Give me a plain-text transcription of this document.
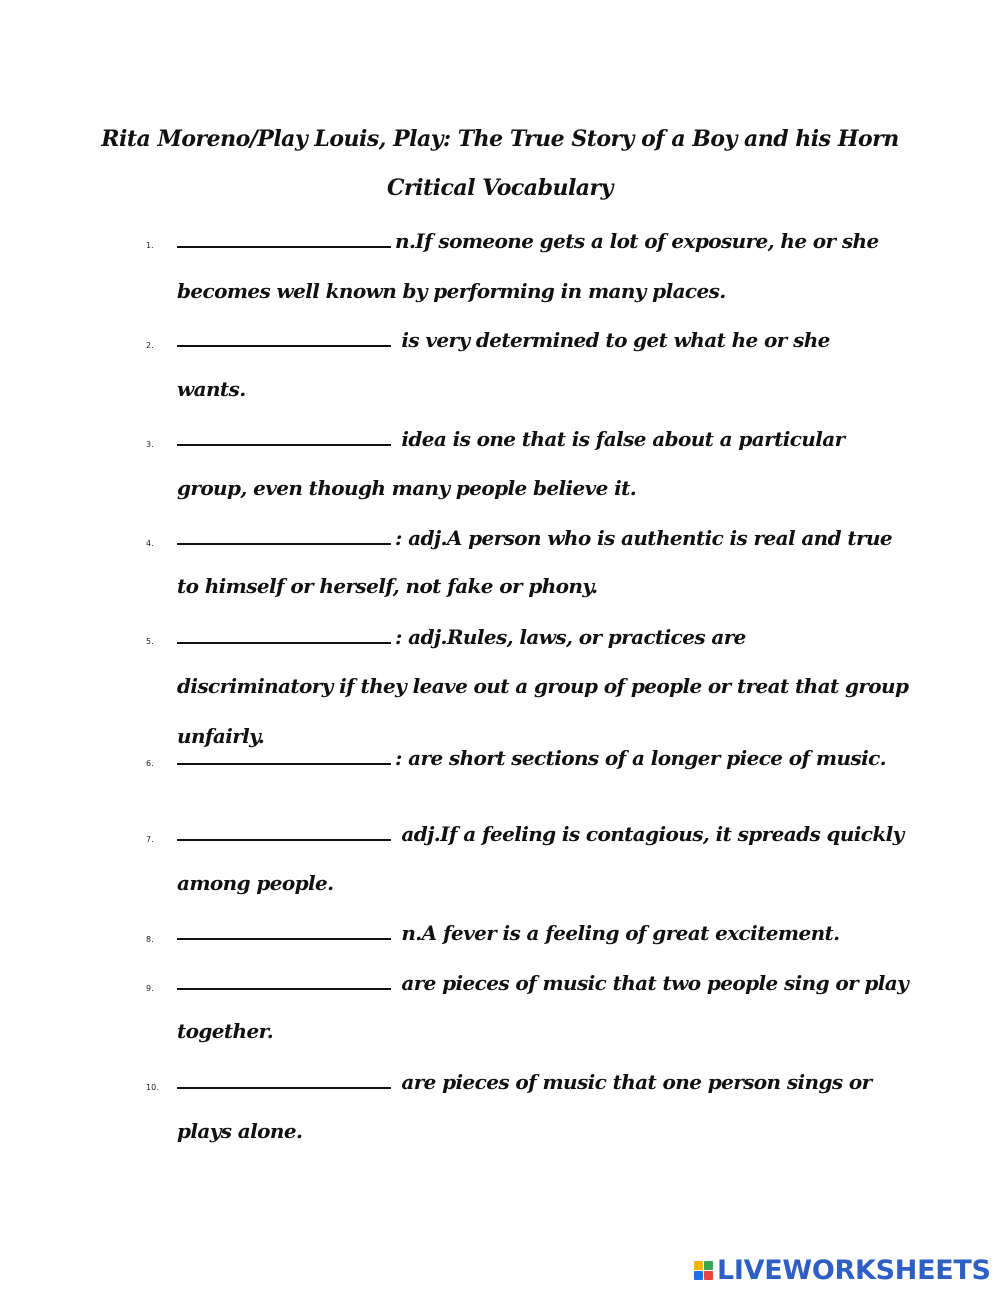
Rita Moreno/Play Louis, Play: The True Story of a Boy and his Horn
Critical Vocabulary
1.	n.If someone gets a lot of exposure, he or she
becomes well known by performing in many places.
2.	is very determined to get what he or she
wants.
3.	idea is one that is false about a particular
group, even though many people believe it.
4.	: adj.A person who is authentic is real and true
to himself or herself, not fake or phony.
5.	: adj.Rules, laws, or practices are
discriminatory if they leave out a group of people or treat that group
unfairly.
6.	: are short sections of a longer piece of music.
7.	adj.If a feeling is contagious, it spreads quickly
among people.
8.	n.A fever is a feeling of great excitement.
9.	are pieces of music that two people sing or play
together.
10.	are pieces of music that one person sings or
plays alone.
LIVEWORKSHEETS
